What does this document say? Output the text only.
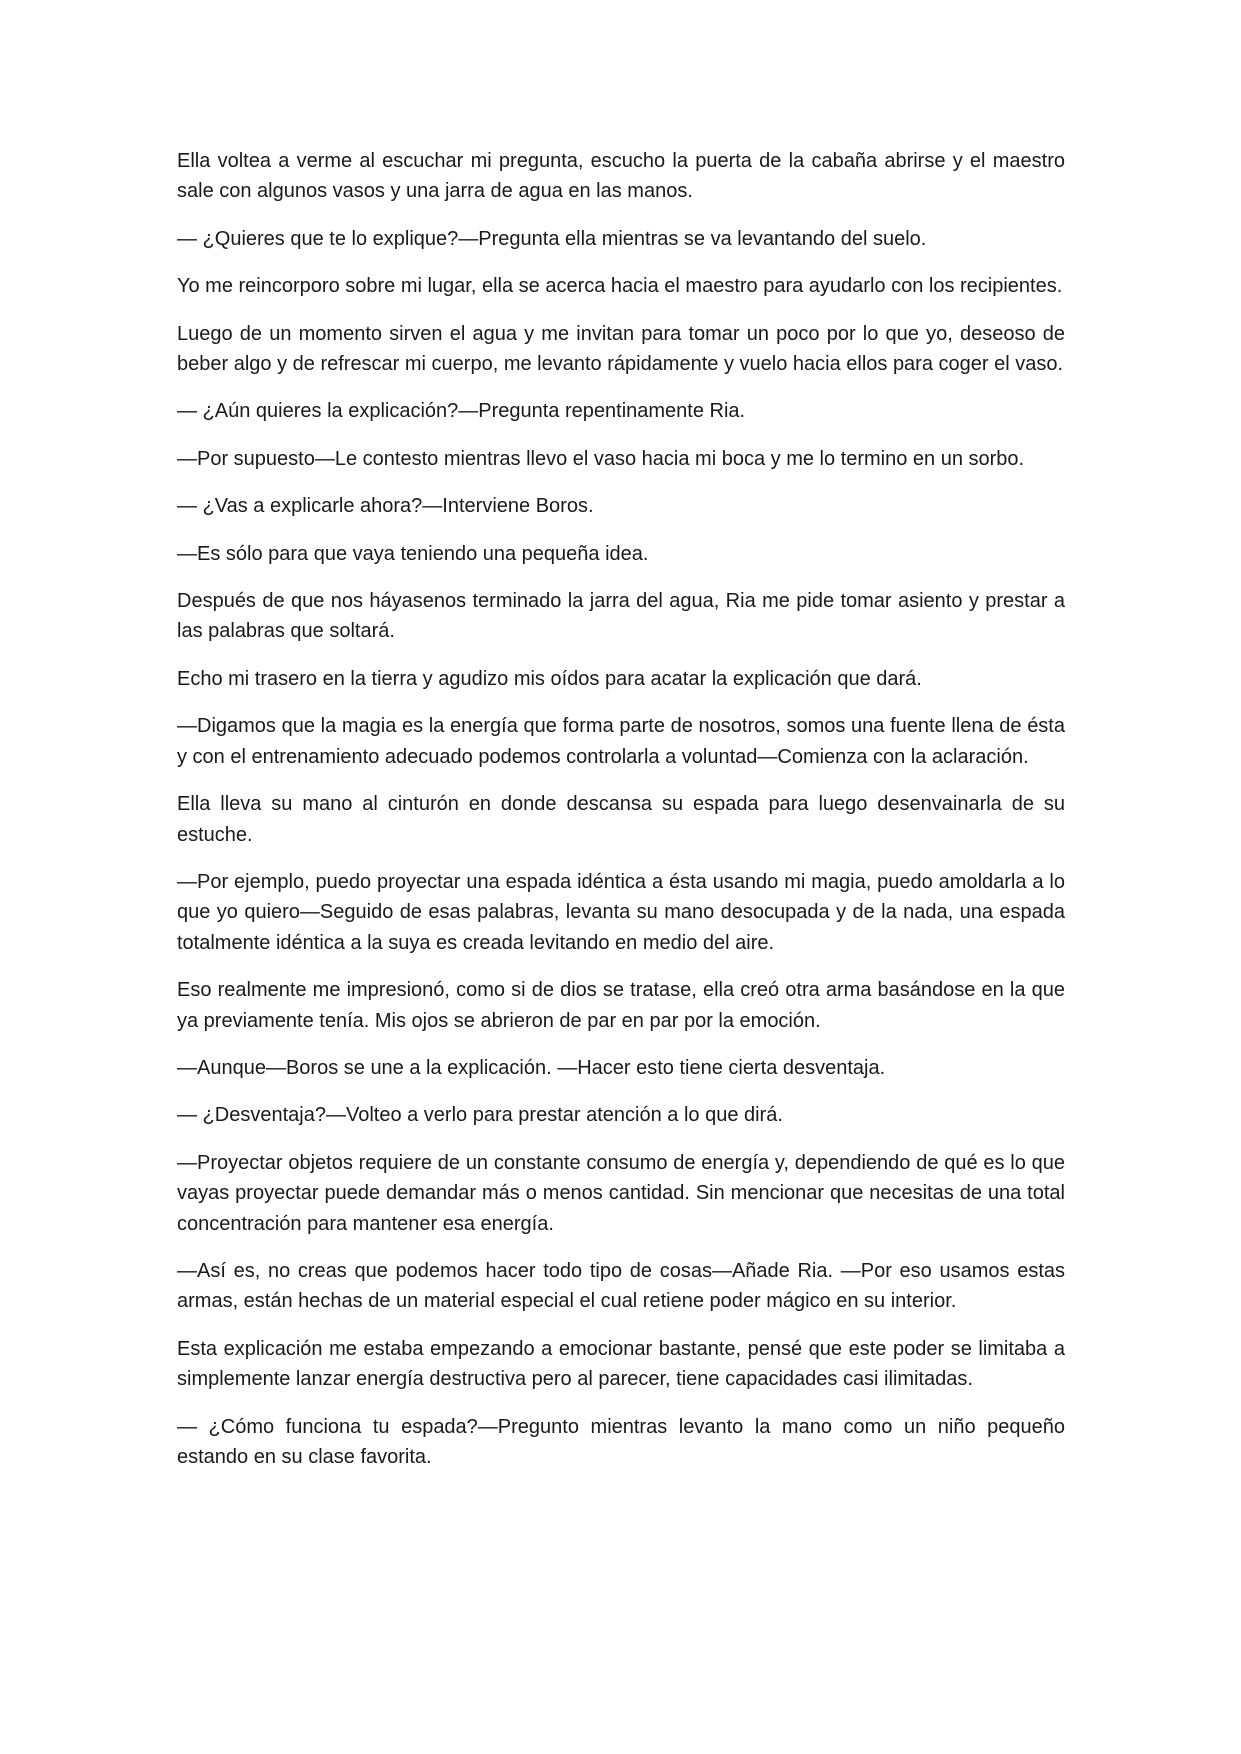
Ella voltea a verme al escuchar mi pregunta, escucho la puerta de la cabaña abrirse y el maestro sale con algunos vasos y una jarra de agua en las manos.

— ¿Quieres que te lo explique?—Pregunta ella mientras se va levantando del suelo.

Yo me reincorporo sobre mi lugar, ella se acerca hacia el maestro para ayudarlo con los recipientes.

Luego de un momento sirven el agua y me invitan para tomar un poco por lo que yo, deseoso de beber algo y de refrescar mi cuerpo, me levanto rápidamente y vuelo hacia ellos para coger el vaso.

— ¿Aún quieres la explicación?—Pregunta repentinamente Ria.

—Por supuesto—Le contesto mientras llevo el vaso hacia mi boca y me lo termino en un sorbo.

— ¿Vas a explicarle ahora?—Interviene Boros.

—Es sólo para que vaya teniendo una pequeña idea.

Después de que nos háyasenos terminado la jarra del agua, Ria me pide tomar asiento y prestar a las palabras que soltará.

Echo mi trasero en la tierra y agudizo mis oídos para acatar la explicación que dará.

—Digamos que la magia es la energía que forma parte de nosotros, somos una fuente llena de ésta y con el entrenamiento adecuado podemos controlarla a voluntad—Comienza con la aclaración.

Ella lleva su mano al cinturón en donde descansa su espada para luego desenvainarla de su estuche.

—Por ejemplo, puedo proyectar una espada idéntica a ésta usando mi magia, puedo amoldarla a lo que yo quiero—Seguido de esas palabras, levanta su mano desocupada y de la nada, una espada totalmente idéntica a la suya es creada levitando en medio del aire.

Eso realmente me impresionó, como si de dios se tratase, ella creó otra arma basándose en la que ya previamente tenía. Mis ojos se abrieron de par en par por la emoción.

—Aunque—Boros se une a la explicación. —Hacer esto tiene cierta desventaja.

— ¿Desventaja?—Volteo a verlo para prestar atención a lo que dirá.

—Proyectar objetos requiere de un constante consumo de energía y, dependiendo de qué es lo que vayas proyectar puede demandar más o menos cantidad. Sin mencionar que necesitas de una total concentración para mantener esa energía.

—Así es, no creas que podemos hacer todo tipo de cosas—Añade Ria. —Por eso usamos estas armas, están hechas de un material especial el cual retiene poder mágico en su interior.

Esta explicación me estaba empezando a emocionar bastante, pensé que este poder se limitaba a simplemente lanzar energía destructiva pero al parecer, tiene capacidades casi ilimitadas.

— ¿Cómo funciona tu espada?—Pregunto mientras levanto la mano como un niño pequeño estando en su clase favorita.
